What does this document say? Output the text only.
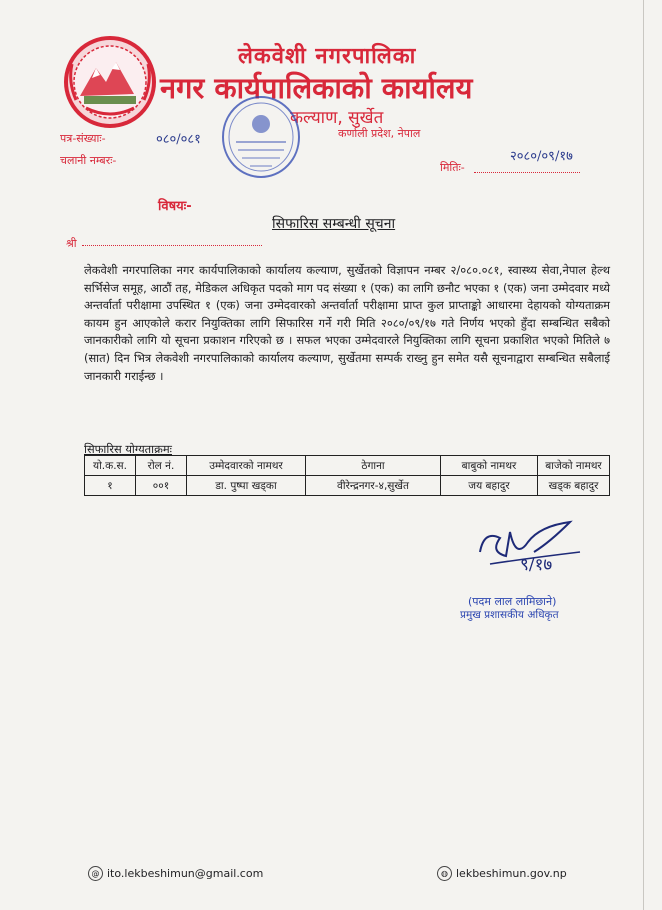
लेकवेशी नगरपालिका
नगर कार्यपालिकाको कार्यालय
कल्याण, सुर्खेत
कर्णाली प्रदेश, नेपाल
पत्र-संख्याः-	०८०/०८१
चलानी नम्बरः-
मितिः-
२०८०/०९/१७
विषयः-
सिफारिस सम्बन्धी सूचना
श्री
लेकवेशी नगरपालिका नगर कार्यपालिकाको कार्यालय कल्याण, सुर्खेतको विज्ञापन नम्बर २/०८०.०८१, स्वास्थ्य सेवा,नेपाल हेल्थ सर्भिसेज समूह, आठौं तह, मेडिकल अधिकृत पदको माग पद संख्या १ (एक) का लागि छनौट भएका १ (एक) जना उम्मेदवार मध्ये अन्तर्वार्ता परीक्षामा उपस्थित १ (एक) जना उम्मेदवारको अन्तर्वार्ता परीक्षामा प्राप्त कुल प्राप्ताङ्को आधारमा देहायको योग्यताक्रम कायम हुन आएकोले करार नियुक्तिका लागि सिफारिस गर्ने गरी मिति २०८०/०९/१७ गते निर्णय भएको हुँदा सम्बन्धित सबैको जानकारीको लागि यो सूचना प्रकाशन गरिएको छ । सफल भएका उम्मेदवारले नियुक्तिका लागि सूचना प्रकाशित भएको मितिले ७ (सात) दिन भित्र लेकवेशी नगरपालिकाको कार्यालय कल्याण, सुर्खेतमा सम्पर्क राख्नु हुन समेत यसै सूचनाद्वारा सम्बन्धित सबैलाई जानकारी गराईन्छ ।
सिफारिस योग्यताक्रमः
यो.क.स.	रोल नं.	उम्मेदवारको नामथर	ठेगाना	बाबुको नामथर	बाजेको नामथर
१	००१	डा. पुष्पा खड्का	वीरेन्द्रनगर-४,सुर्खेत	जय बहादुर	खड्क बहादुर
९/१७
(पदम लाल लामिछाने)
प्रमुख प्रशासकीय अधिकृत
@ ito.lekbeshimun@gmail.com	◍ lekbeshimun.gov.np
